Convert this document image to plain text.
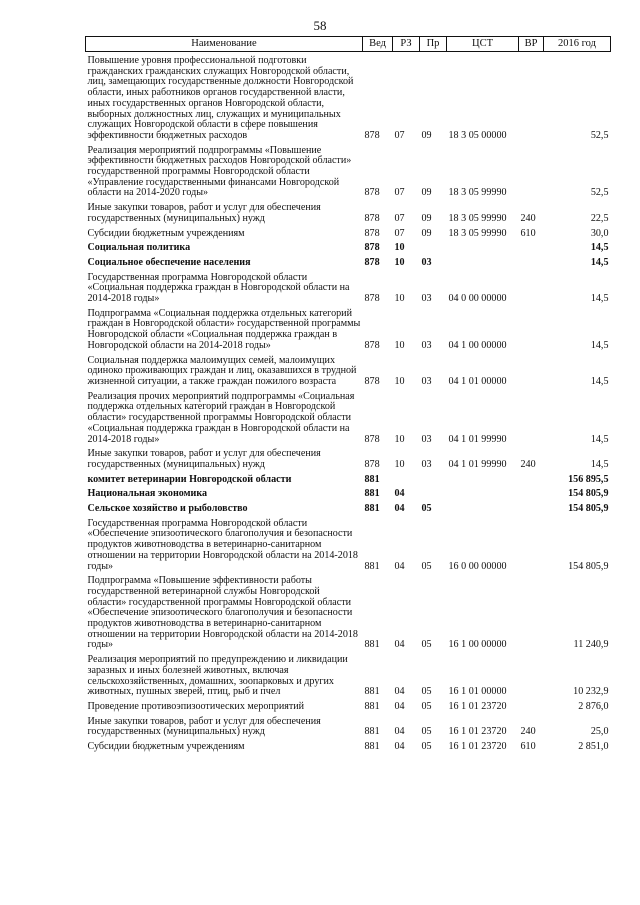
58
Наименование	Вед	РЗ	Пр	ЦСТ	ВР	2016 год
Повышение уровня профессиональной подготовки гражданских гражданских служащих Новгородской области, лиц, замещающих государственные должности Новгородской области, иных работников органов государственной власти, иных государственных органов Новгородской области, выборных должностных лиц, служащих и муниципальных служащих Новгородской области в сфере повышения эффективности бюджетных расходов	878	07	09	18 3 05 00000		52,5
Реализация мероприятий подпрограммы «Повышение эффективности бюджетных расходов Новгородской области» государственной программы Новгородской области «Управление государственными финансами Новгородской области на 2014-2020 годы»	878	07	09	18 3 05 99990		52,5
Иные закупки товаров, работ и услуг для обеспечения государственных (муниципальных) нужд	878	07	09	18 3 05 99990	240	22,5
Субсидии бюджетным учреждениям	878	07	09	18 3 05 99990	610	30,0
Социальная политика	878	10				14,5
Социальное обеспечение населения	878	10	03			14,5
Государственная программа Новгородской области «Социальная поддержка граждан в Новгородской области на 2014-2018 годы»	878	10	03	04 0 00 00000		14,5
Подпрограмма «Социальная поддержка отдельных категорий граждан в Новгородской области» государственной программы Новгородской области «Социальная поддержка граждан в Новгородской области на 2014-2018 годы»	878	10	03	04 1 00 00000		14,5
Социальная поддержка малоимущих семей, малоимущих одиноко проживающих граждан и лиц, оказавшихся в трудной жизненной ситуации, а также граждан пожилого возраста	878	10	03	04 1 01 00000		14,5
Реализация прочих мероприятий подпрограммы «Социальная поддержка отдельных категорий граждан в Новгородской области» государственной программы Новгородской области «Социальная поддержка граждан в Новгородской области на 2014-2018 годы»	878	10	03	04 1 01 99990		14,5
Иные закупки товаров, работ и услуг для обеспечения государственных (муниципальных) нужд	878	10	03	04 1 01 99990	240	14,5
комитет ветеринарии Новгородской области	881					156 895,5
Национальная экономика	881	04				154 805,9
Сельское хозяйство и рыболовство	881	04	05			154 805,9
Государственная программа Новгородской области «Обеспечение эпизоотического благополучия и безопасности продуктов животноводства в ветеринарно-санитарном отношении на территории Новгородской области на 2014-2018 годы»	881	04	05	16 0 00 00000		154 805,9
Подпрограмма «Повышение эффективности работы государственной ветеринарной службы Новгородской области» государственной программы Новгородской области «Обеспечение эпизоотического благополучия и безопасности продуктов животноводства в ветеринарно-санитарном отношении на территории Новгородской области на 2014-2018 годы»	881	04	05	16 1 00 00000		11 240,9
Реализация мероприятий по предупреждению и ликвидации заразных и иных болезней животных, включая сельскохозяйственных, домашних, зоопарковых и других животных, пушных зверей, птиц, рыб и пчел	881	04	05	16 1 01 00000		10 232,9
Проведение противоэпизоотических мероприятий	881	04	05	16 1 01 23720		2 876,0
Иные закупки товаров, работ и услуг для обеспечения государственных (муниципальных) нужд	881	04	05	16 1 01 23720	240	25,0
Субсидии бюджетным учреждениям	881	04	05	16 1 01 23720	610	2 851,0
